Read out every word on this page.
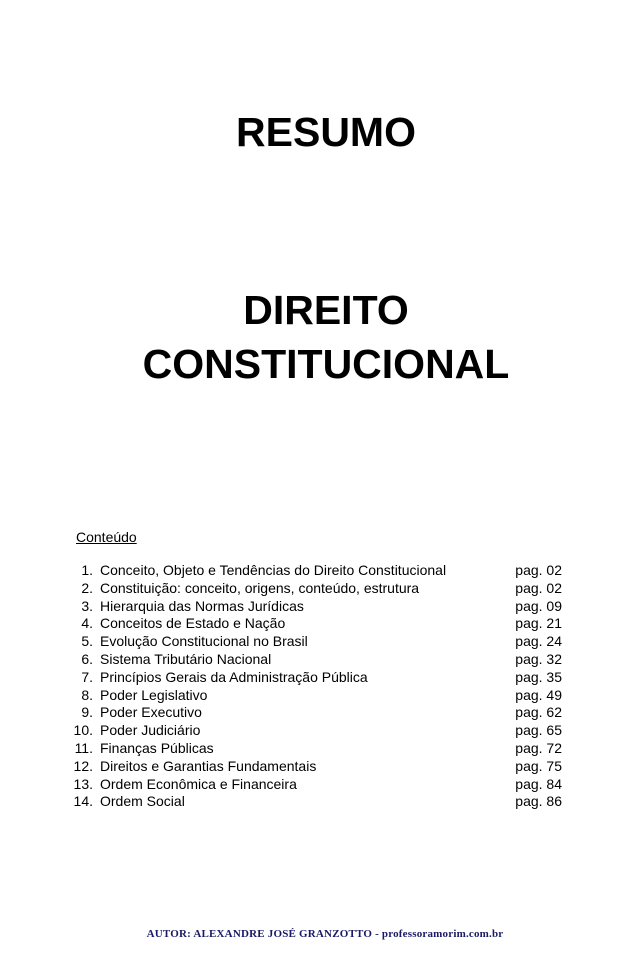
RESUMO
DIREITO
CONSTITUCIONAL
Conteúdo
1. Conceito, Objeto e Tendências do Direito Constitucional	pag. 02
2. Constituição: conceito, origens, conteúdo, estrutura	pag. 02
3. Hierarquia das Normas Jurídicas	pag. 09
4. Conceitos de Estado e Nação	pag. 21
5. Evolução Constitucional no Brasil	pag. 24
6. Sistema Tributário Nacional	pag. 32
7. Princípios Gerais da Administração Pública	pag. 35
8. Poder Legislativo	pag. 49
9. Poder Executivo	pag. 62
10. Poder Judiciário	pag. 65
11. Finanças Públicas	pag. 72
12. Direitos e Garantias Fundamentais	pag. 75
13. Ordem Econômica e Financeira	pag. 84
14. Ordem Social	pag. 86
AUTOR: ALEXANDRE JOSÉ GRANZOTTO - professoramorim.com.br
